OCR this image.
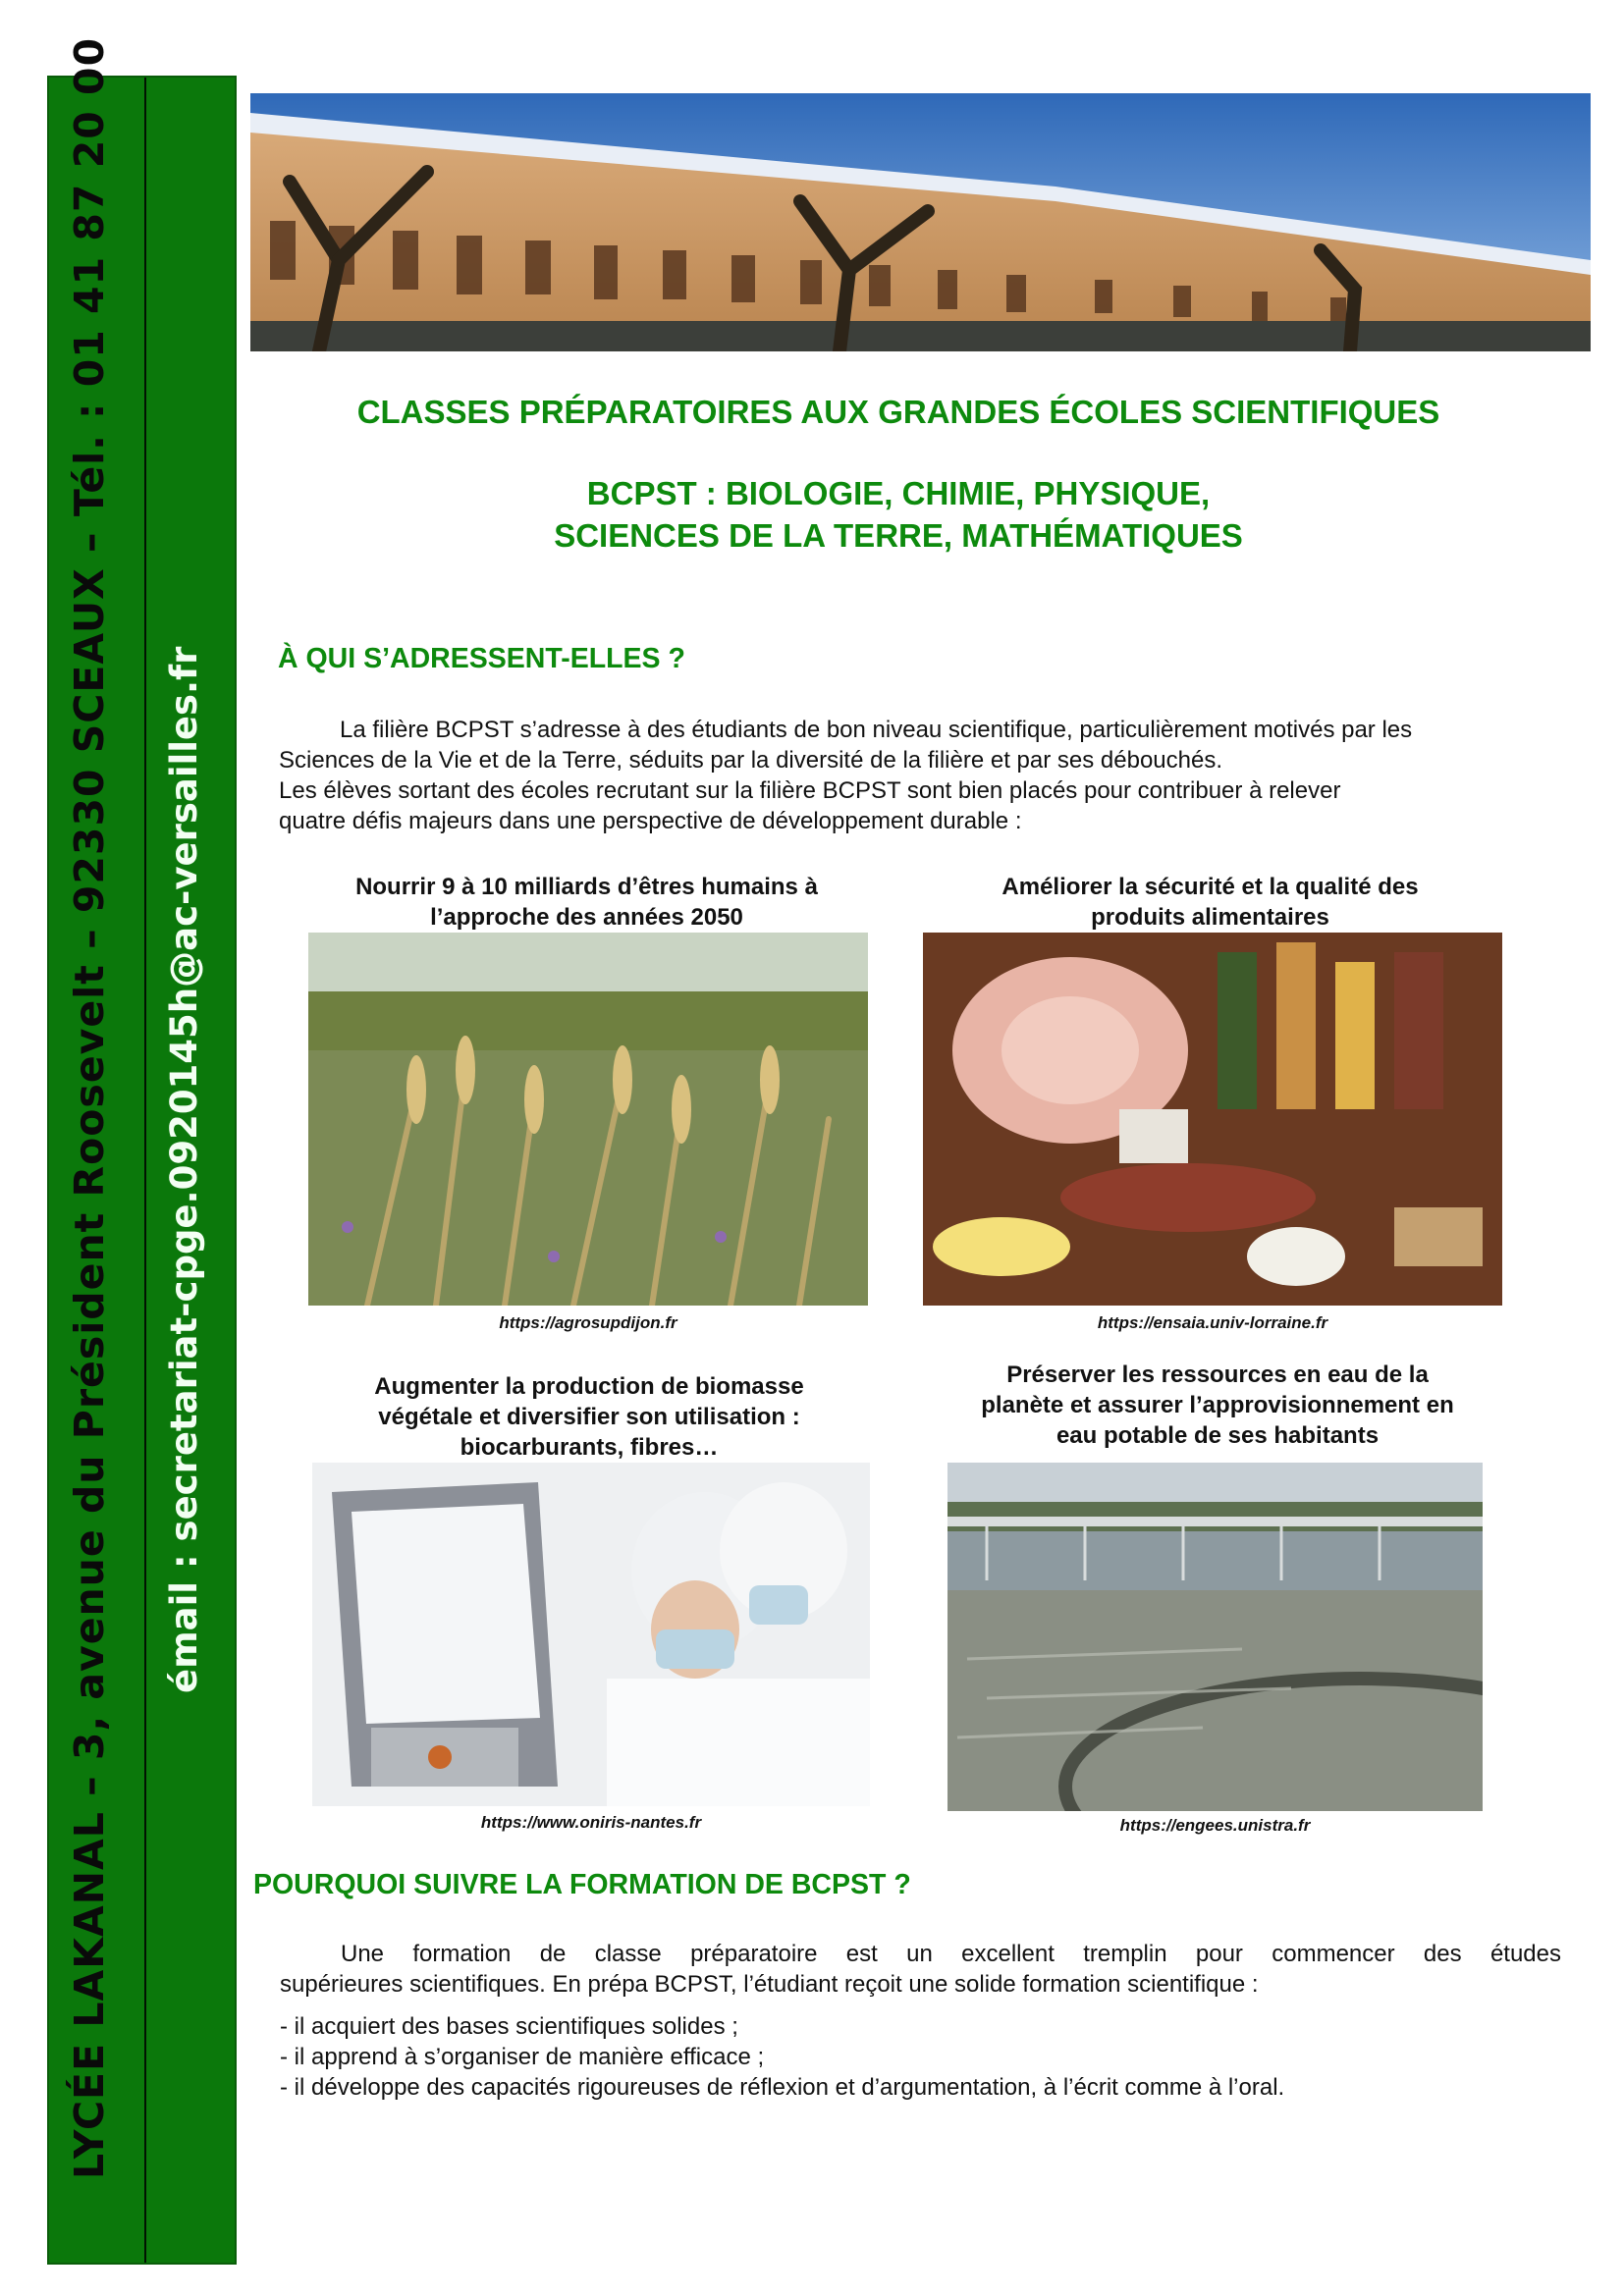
LYCÉE LAKANAL – 3, avenue du Président Roosevelt – 92330 SCEAUX – Tél. : 01 41 87 20 00 émail : secretariat-cpge.0920145h@ac-versailles.fr
CLASSES PRÉPARATOIRES AUX GRANDES ÉCOLES SCIENTIFIQUES
BCPST : BIOLOGIE, CHIMIE, PHYSIQUE,
SCIENCES DE LA TERRE, MATHÉMATIQUES
À QUI S’ADRESSENT-ELLES ?
La filière BCPST s’adresse à des étudiants de bon niveau scientifique, particulièrement motivés par les
Sciences de la Vie et de la Terre, séduits par la diversité de la filière et par ses débouchés.
Les élèves sortant des écoles recrutant sur la filière BCPST sont bien placés pour contribuer à relever
quatre défis majeurs dans une perspective de développement durable :
Nourrir 9 à 10 milliards d’êtres humains à
l’approche des années 2050
https://agrosupdijon.fr
Améliorer la sécurité et la qualité des
produits alimentaires
https://ensaia.univ-lorraine.fr
Augmenter la production de biomasse
végétale et diversifier son utilisation :
biocarburants, fibres…
https://www.oniris-nantes.fr
Préserver les ressources en eau de la
planète et assurer l’approvisionnement en
eau potable de ses habitants
https://engees.unistra.fr
POURQUOI SUIVRE LA FORMATION DE BCPST ?
Une formation de classe préparatoire est un excellent tremplin pour commencer des études
supérieures scientifiques. En prépa BCPST, l’étudiant reçoit une solide formation scientifique :
- il acquiert des bases scientifiques solides ;
- il apprend à s’organiser de manière efficace ;
- il développe des capacités rigoureuses de réflexion et d’argumentation, à l’écrit comme à l’oral.
